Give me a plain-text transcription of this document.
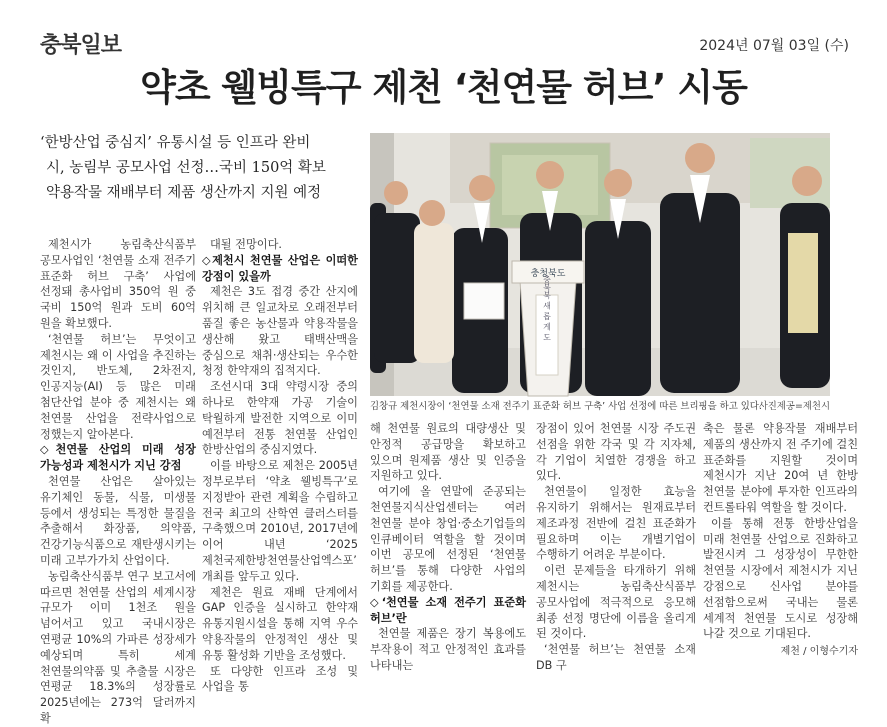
충북일보	2024년 07월 03일 (수)
약초 웰빙특구 제천 ‘천연물 허브’ 시동
‘한방산업 중심지’ 유통시설 등 인프라 완비
시, 농림부 공모사업 선정…국비 150억 확보
약용작물 재배부터 제품 생산까지 지원 예정

제천시가 농림축산식품부 공모사업인 ‘천연물 소재 전주기 표준화 허브 구축’ 사업에 선정돼 총사업비 350억 원 중 국비 150억 원과 도비 60억 원을 확보했다.

‘천연물 허브’는 무엇이고 제천시는 왜 이 사업을 추진하는 것인지, 반도체, 2차전지, 인공지능(AI) 등 많은 미래 첨단산업 분야 중 제천시는 왜 천연물 산업을 전략사업으로 정했는지 알아본다.

◇천연물 산업의 미래 성장 가능성과 제천시가 지닌 강점

천연물 산업은 살아있는 유기체인 동물, 식물, 미생물 등에서 생성되는 특정한 물질을 추출해서 화장품, 의약품, 건강기능식품으로 재탄생시키는 미래 고부가가치 산업이다.

농림축산식품부 연구 보고서에 따르면 천연물 산업의 세계시장 규모가 이미 1천조 원을 넘어서고 있고 국내시장은 연평균 10%의 가파른 성장세가 예상되며 특히 세계 천연물의약품 및 추출물 시장은 연평균 18.3%의 성장률로 2025년에는 273억 달러까지 확

대될 전망이다.

◇제천시 천연물 산업은 이떠한 강점이 있을까

제천은 3도 접경 중간 산지에 위치해 큰 일교차로 오래전부터 품질 좋은 농산물과 약용작물을 생산해 왔고 태백산맥을 중심으로 채취·생산되는 우수한 청정 한약재의 집적지다.

조선시대 3대 약령시장 중의 하나로 한약재 가공 기술이 탁월하게 발전한 지역으로 이미 예전부터 전통 천연물 산업인 한방산업의 중심지였다.

이를 바탕으로 제천은 2005년 정부로부터 ‘약초 웰빙특구’로 지정받아 관련 계획을 수립하고 전국 최고의 산학연 클러스터를 구축했으며 2010년, 2017년에 이어 내년 ‘2025 제천국제한방천연물산업엑스포’ 개최를 앞두고 있다.

제천은 원료 재배 단계에서 GAP 인증을 실시하고 한약재 유통지원시설을 통해 지역 우수 약용작물의 안정적인 생산 및 유통 활성화 기반을 조성했다.

또 다양한 인프라 조성 및 사업을 통

충청북도
충북북 새 롭 게 도
김창규 제천시장이 ‘천연물 소재 전주기 표준화 허브 구축’ 사업 선정에 따른 브리핑을 하고 있다.
사진제공=제천시

해 천연물 원료의 대량생산 및 안정적 공급망을 확보하고 있으며 원제품 생산 및 인증을 지원하고 있다.

여기에 올 연말에 준공되는 천연물지식산업센터는 여러 천연물 분야 창업·중소기업들의 인큐베이터 역할을 할 것이며 이번 공모에 선정된 ‘천연물 허브’를 통해 다양한 사업의 기회를 제공한다.

◇‘천연물 소재 전주기 표준화 허브’란

천연물 제품은 장기 복용에도 부작용이 적고 안정적인 효과를 나타내는

장점이 있어 천연물 시장 주도권 선점을 위한 각국 및 각 지자체, 각 기업이 치열한 경쟁을 하고 있다.

천연물이 일정한 효능을 유지하기 위해서는 원재료부터 제조과정 전반에 걸친 표준화가 필요하며 이는 개별기업이 수행하기 어려운 부분이다.

이런 문제들을 타개하기 위해 제천시는 농림축산식품부 공모사업에 적극적으로 응모해 최종 선정 명단에 이름을 올리게 된 것이다.

‘천연물 허브’는 천연물 소재 DB 구

축은 물론 약용작물 재배부터 제품의 생산까지 전 주기에 걸친 표준화를 지원할 것이며 제천시가 지난 20여 년 한방 천연물 분야에 투자한 인프라의 컨트롤타워 역할을 할 것이다.

이를 통해 전통 한방산업을 미래 천연물 산업으로 진화하고 발전시켜 그 성장성이 무한한 천연물 시장에서 제천시가 지닌 강점으로 신사업 분야를 선점함으로써 국내는 물론 세계적 천연물 도시로 성장해 나갈 것으로 기대된다.

제천 / 이형수기자
